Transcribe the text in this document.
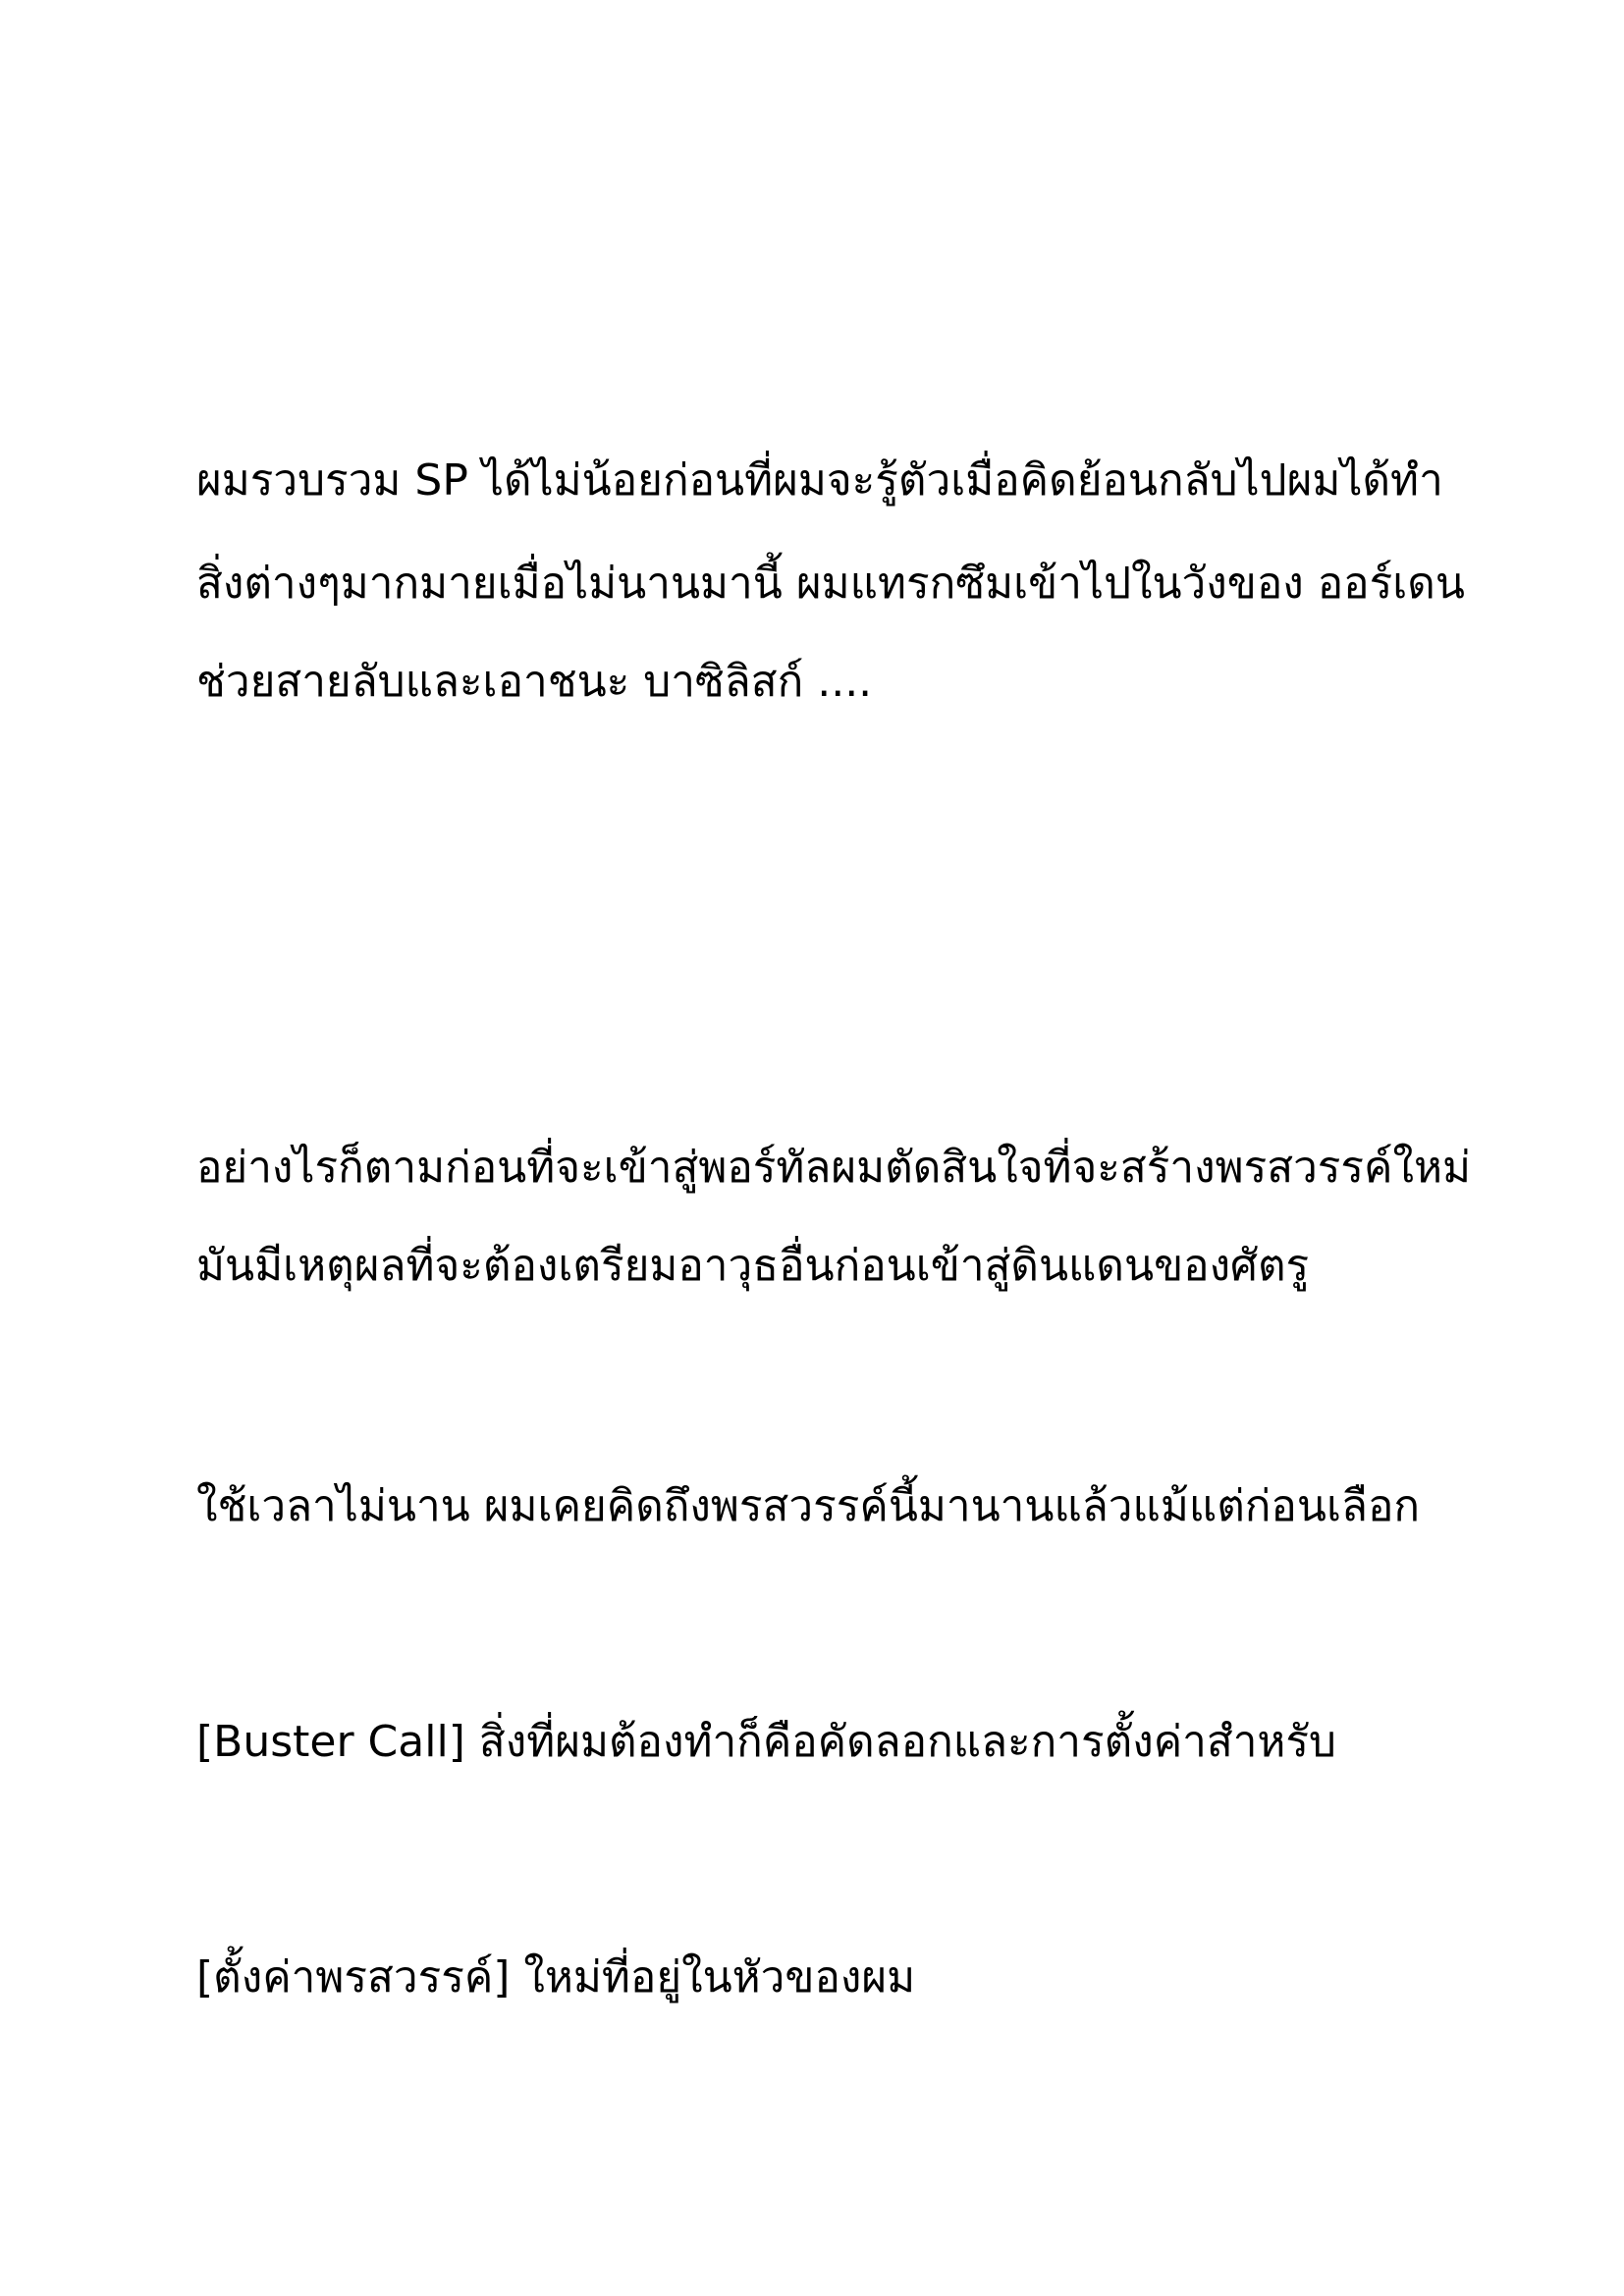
ผมรวบรวม SP ได้ไม่น้อยก่อนที่ผมจะรู้ตัวเมื่อคิดย้อนกลับไปผมได้ทำ
สิ่งต่างๆมากมายเมื่อไม่นานมานี้ ผมแทรกซึมเข้าไปในวังของ ออร์เดน
ช่วยสายลับและเอาชนะ บาซิลิสก์ ....
อย่างไรก็ตามก่อนที่จะเข้าสู่พอร์ทัลผมตัดสินใจที่จะสร้างพรสวรรค์ใหม่
มันมีเหตุผลที่จะต้องเตรียมอาวุธอื่นก่อนเข้าสู่ดินแดนของศัตรู
ใช้เวลาไม่นาน ผมเคยคิดถึงพรสวรรค์นี้มานานแล้วแม้แต่ก่อนเลือก
[Buster Call] สิ่งที่ผมต้องทำก็คือคัดลอกและการตั้งค่าสำหรับ
[ตั้งค่าพรสวรรค์] ใหม่ที่อยู่ในหัวของผม
